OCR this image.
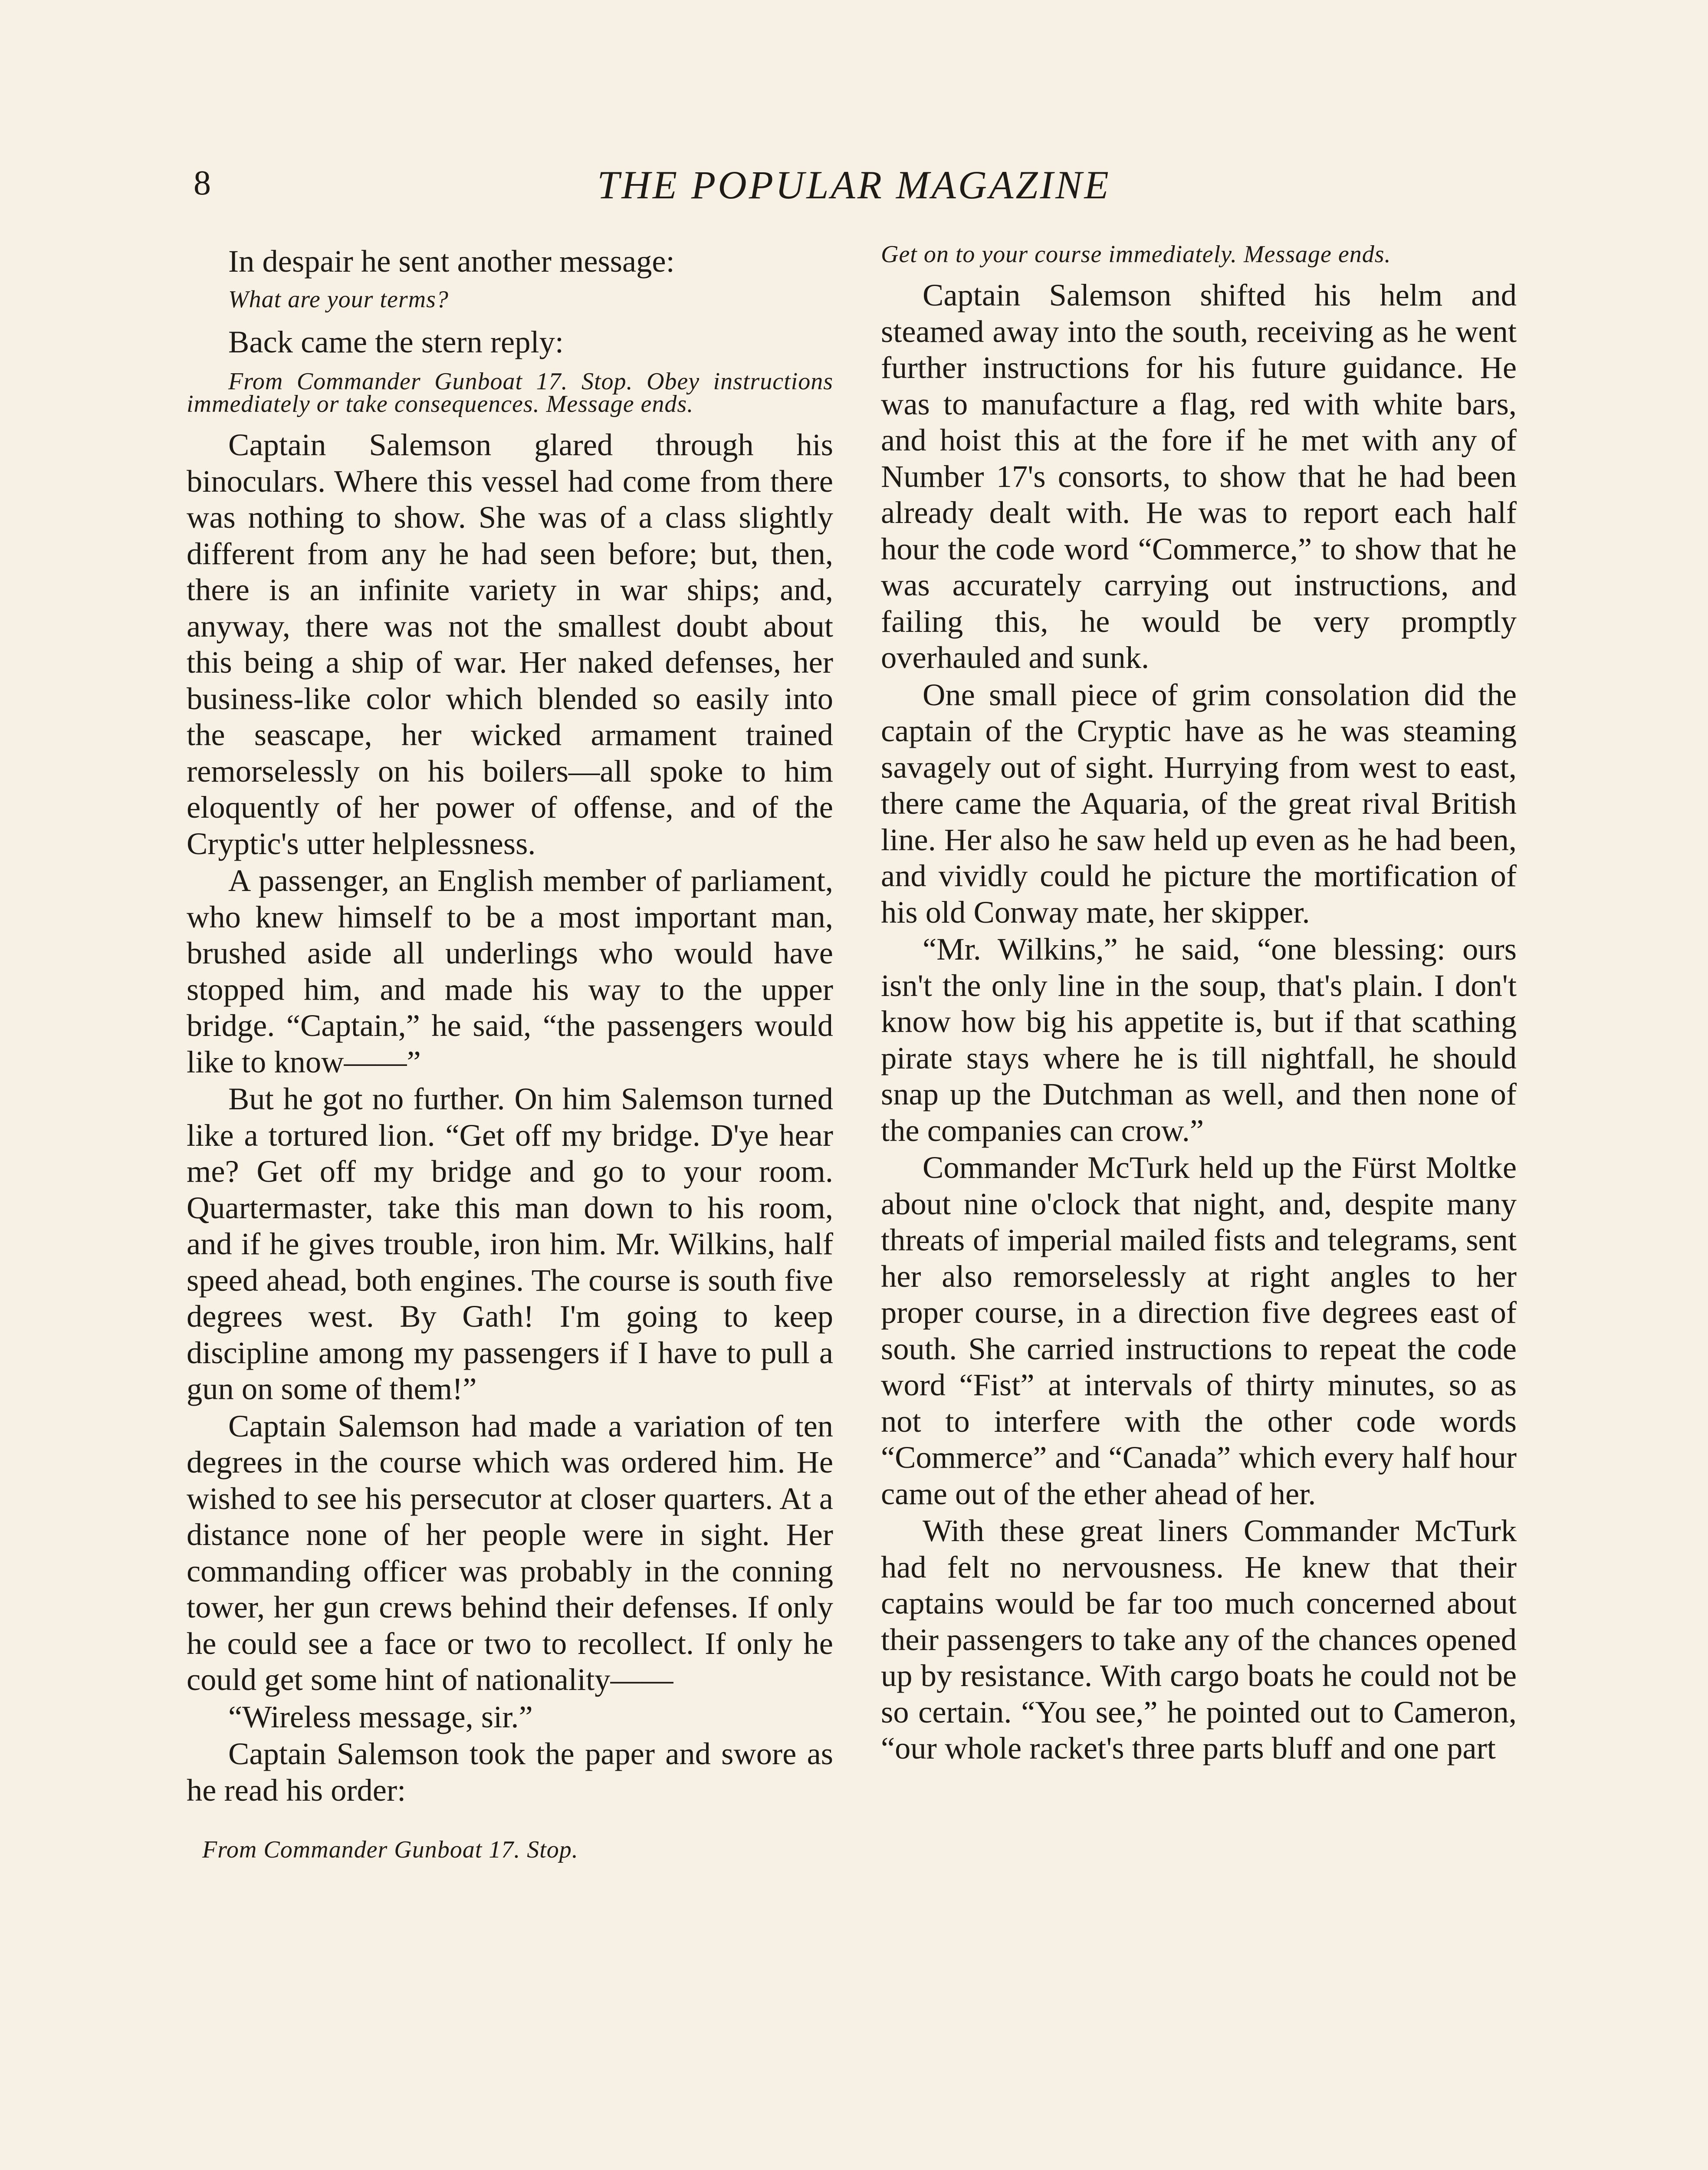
8	THE POPULAR MAGAZINE

In despair he sent another message:

What are your terms?

Back came the stern reply:

From Commander Gunboat 17. Stop. Obey instructions immediately or take consequences. Message ends.

Captain Salemson glared through his binoculars. Where this vessel had come from there was nothing to show. She was of a class slightly different from any he had seen before; but, then, there is an infinite variety in war ships; and, anyway, there was not the smallest doubt about this being a ship of war. Her naked defenses, her business-like color which blended so easily into the seascape, her wicked armament trained remorselessly on his boilers—all spoke to him eloquently of her power of offense, and of the Cryptic's utter helplessness.

A passenger, an English member of parliament, who knew himself to be a most important man, brushed aside all underlings who would have stopped him, and made his way to the upper bridge. “Captain,” he said, “the passengers would like to know——”

But he got no further. On him Salemson turned like a tortured lion. “Get off my bridge. D'ye hear me? Get off my bridge and go to your room. Quartermaster, take this man down to his room, and if he gives trouble, iron him. Mr. Wilkins, half speed ahead, both engines. The course is south five degrees west. By Gath! I'm going to keep discipline among my passengers if I have to pull a gun on some of them!”

Captain Salemson had made a variation of ten degrees in the course which was ordered him. He wished to see his persecutor at closer quarters. At a distance none of her people were in sight. Her commanding officer was probably in the conning tower, her gun crews behind their defenses. If only he could see a face or two to recollect. If only he could get some hint of nationality——

“Wireless message, sir.”

Captain Salemson took the paper and swore as he read his order:

From Commander Gunboat 17. Stop.

Get on to your course immediately. Message ends.

Captain Salemson shifted his helm and steamed away into the south, receiving as he went further instructions for his future guidance. He was to manufacture a flag, red with white bars, and hoist this at the fore if he met with any of Number 17's consorts, to show that he had been already dealt with. He was to report each half hour the code word “Commerce,” to show that he was accurately carrying out instructions, and failing this, he would be very promptly overhauled and sunk.

One small piece of grim consolation did the captain of the Cryptic have as he was steaming savagely out of sight. Hurrying from west to east, there came the Aquaria, of the great rival British line. Her also he saw held up even as he had been, and vividly could he picture the mortification of his old Conway mate, her skipper.

“Mr. Wilkins,” he said, “one blessing: ours isn't the only line in the soup, that's plain. I don't know how big his appetite is, but if that scathing pirate stays where he is till nightfall, he should snap up the Dutchman as well, and then none of the companies can crow.”

Commander McTurk held up the Fürst Moltke about nine o'clock that night, and, despite many threats of imperial mailed fists and telegrams, sent her also remorselessly at right angles to her proper course, in a direction five degrees east of south. She carried instructions to repeat the code word “Fist” at intervals of thirty minutes, so as not to interfere with the other code words “Commerce” and “Canada” which every half hour came out of the ether ahead of her.

With these great liners Commander McTurk had felt no nervousness. He knew that their captains would be far too much concerned about their passengers to take any of the chances opened up by resistance. With cargo boats he could not be so certain. “You see,” he pointed out to Cameron, “our whole racket's three parts bluff and one part
